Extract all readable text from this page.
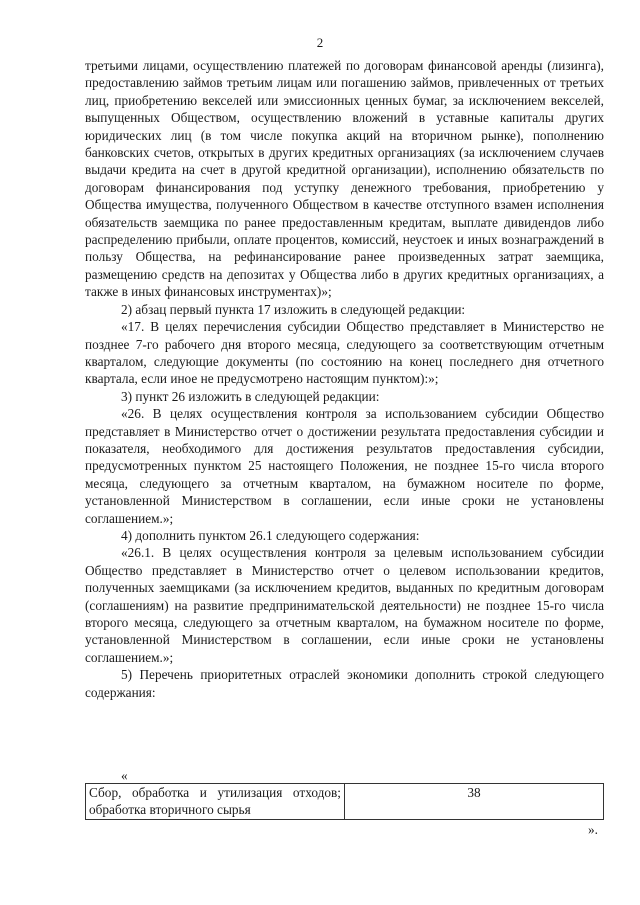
2

третьими лицами, осуществлению платежей по договорам финансовой аренды (лизинга), предоставлению займов третьим лицам или погашению займов, привлеченных от третьих лиц, приобретению векселей или эмиссионных ценных бумаг, за исключением векселей, выпущенных Обществом, осуществлению вложений в уставные капиталы других юридических лиц (в том числе покупка акций на вторичном рынке), пополнению банковских счетов, открытых в других кредитных организациях (за исключением случаев выдачи кредита на счет в другой кредитной организации), исполнению обязательств по договорам финансирования под уступку денежного требования, приобретению у Общества имущества, полученного Обществом в качестве отступного взамен исполнения обязательств заемщика по ранее предоставленным кредитам, выплате дивидендов либо распределению прибыли, оплате процентов, комиссий, неустоек и иных вознаграждений в пользу Общества, на рефинансирование ранее произведенных затрат заемщика, размещению средств на депозитах у Общества либо в других кредитных организациях, а также в иных финансовых инструментах)»;

2) абзац первый пункта 17 изложить в следующей редакции:

«17. В целях перечисления субсидии Общество представляет в Министерство не позднее 7-го рабочего дня второго месяца, следующего за соответствующим отчетным кварталом, следующие документы (по состоянию на конец последнего дня отчетного квартала, если иное не предусмотрено настоящим пунктом):»;

3) пункт 26 изложить в следующей редакции:

«26. В целях осуществления контроля за использованием субсидии Общество представляет в Министерство отчет о достижении результата предоставления субсидии и показателя, необходимого для достижения результатов предоставления субсидии, предусмотренных пунктом 25 настоящего Положения, не позднее 15-го числа второго месяца, следующего за отчетным кварталом, на бумажном носителе по форме, установленной Министерством в соглашении, если иные сроки не установлены соглашением.»;

4) дополнить пунктом 26.1 следующего содержания:

«26.1. В целях осуществления контроля за целевым использованием субсидии Общество представляет в Министерство отчет о целевом использовании кредитов, полученных заемщиками (за исключением кредитов, выданных по кредитным договорам (соглашениям) на развитие предпринимательской деятельности) не позднее 15-го числа второго месяца, следующего за отчетным кварталом, на бумажном носителе по форме, установленной Министерством в соглашении, если иные сроки не установлены соглашением.»;

5) Перечень приоритетных отраслей экономики дополнить строкой следующего содержания:

«
Сбор, обработка и утилизация отходов; обработка вторичного сырья	38
».
